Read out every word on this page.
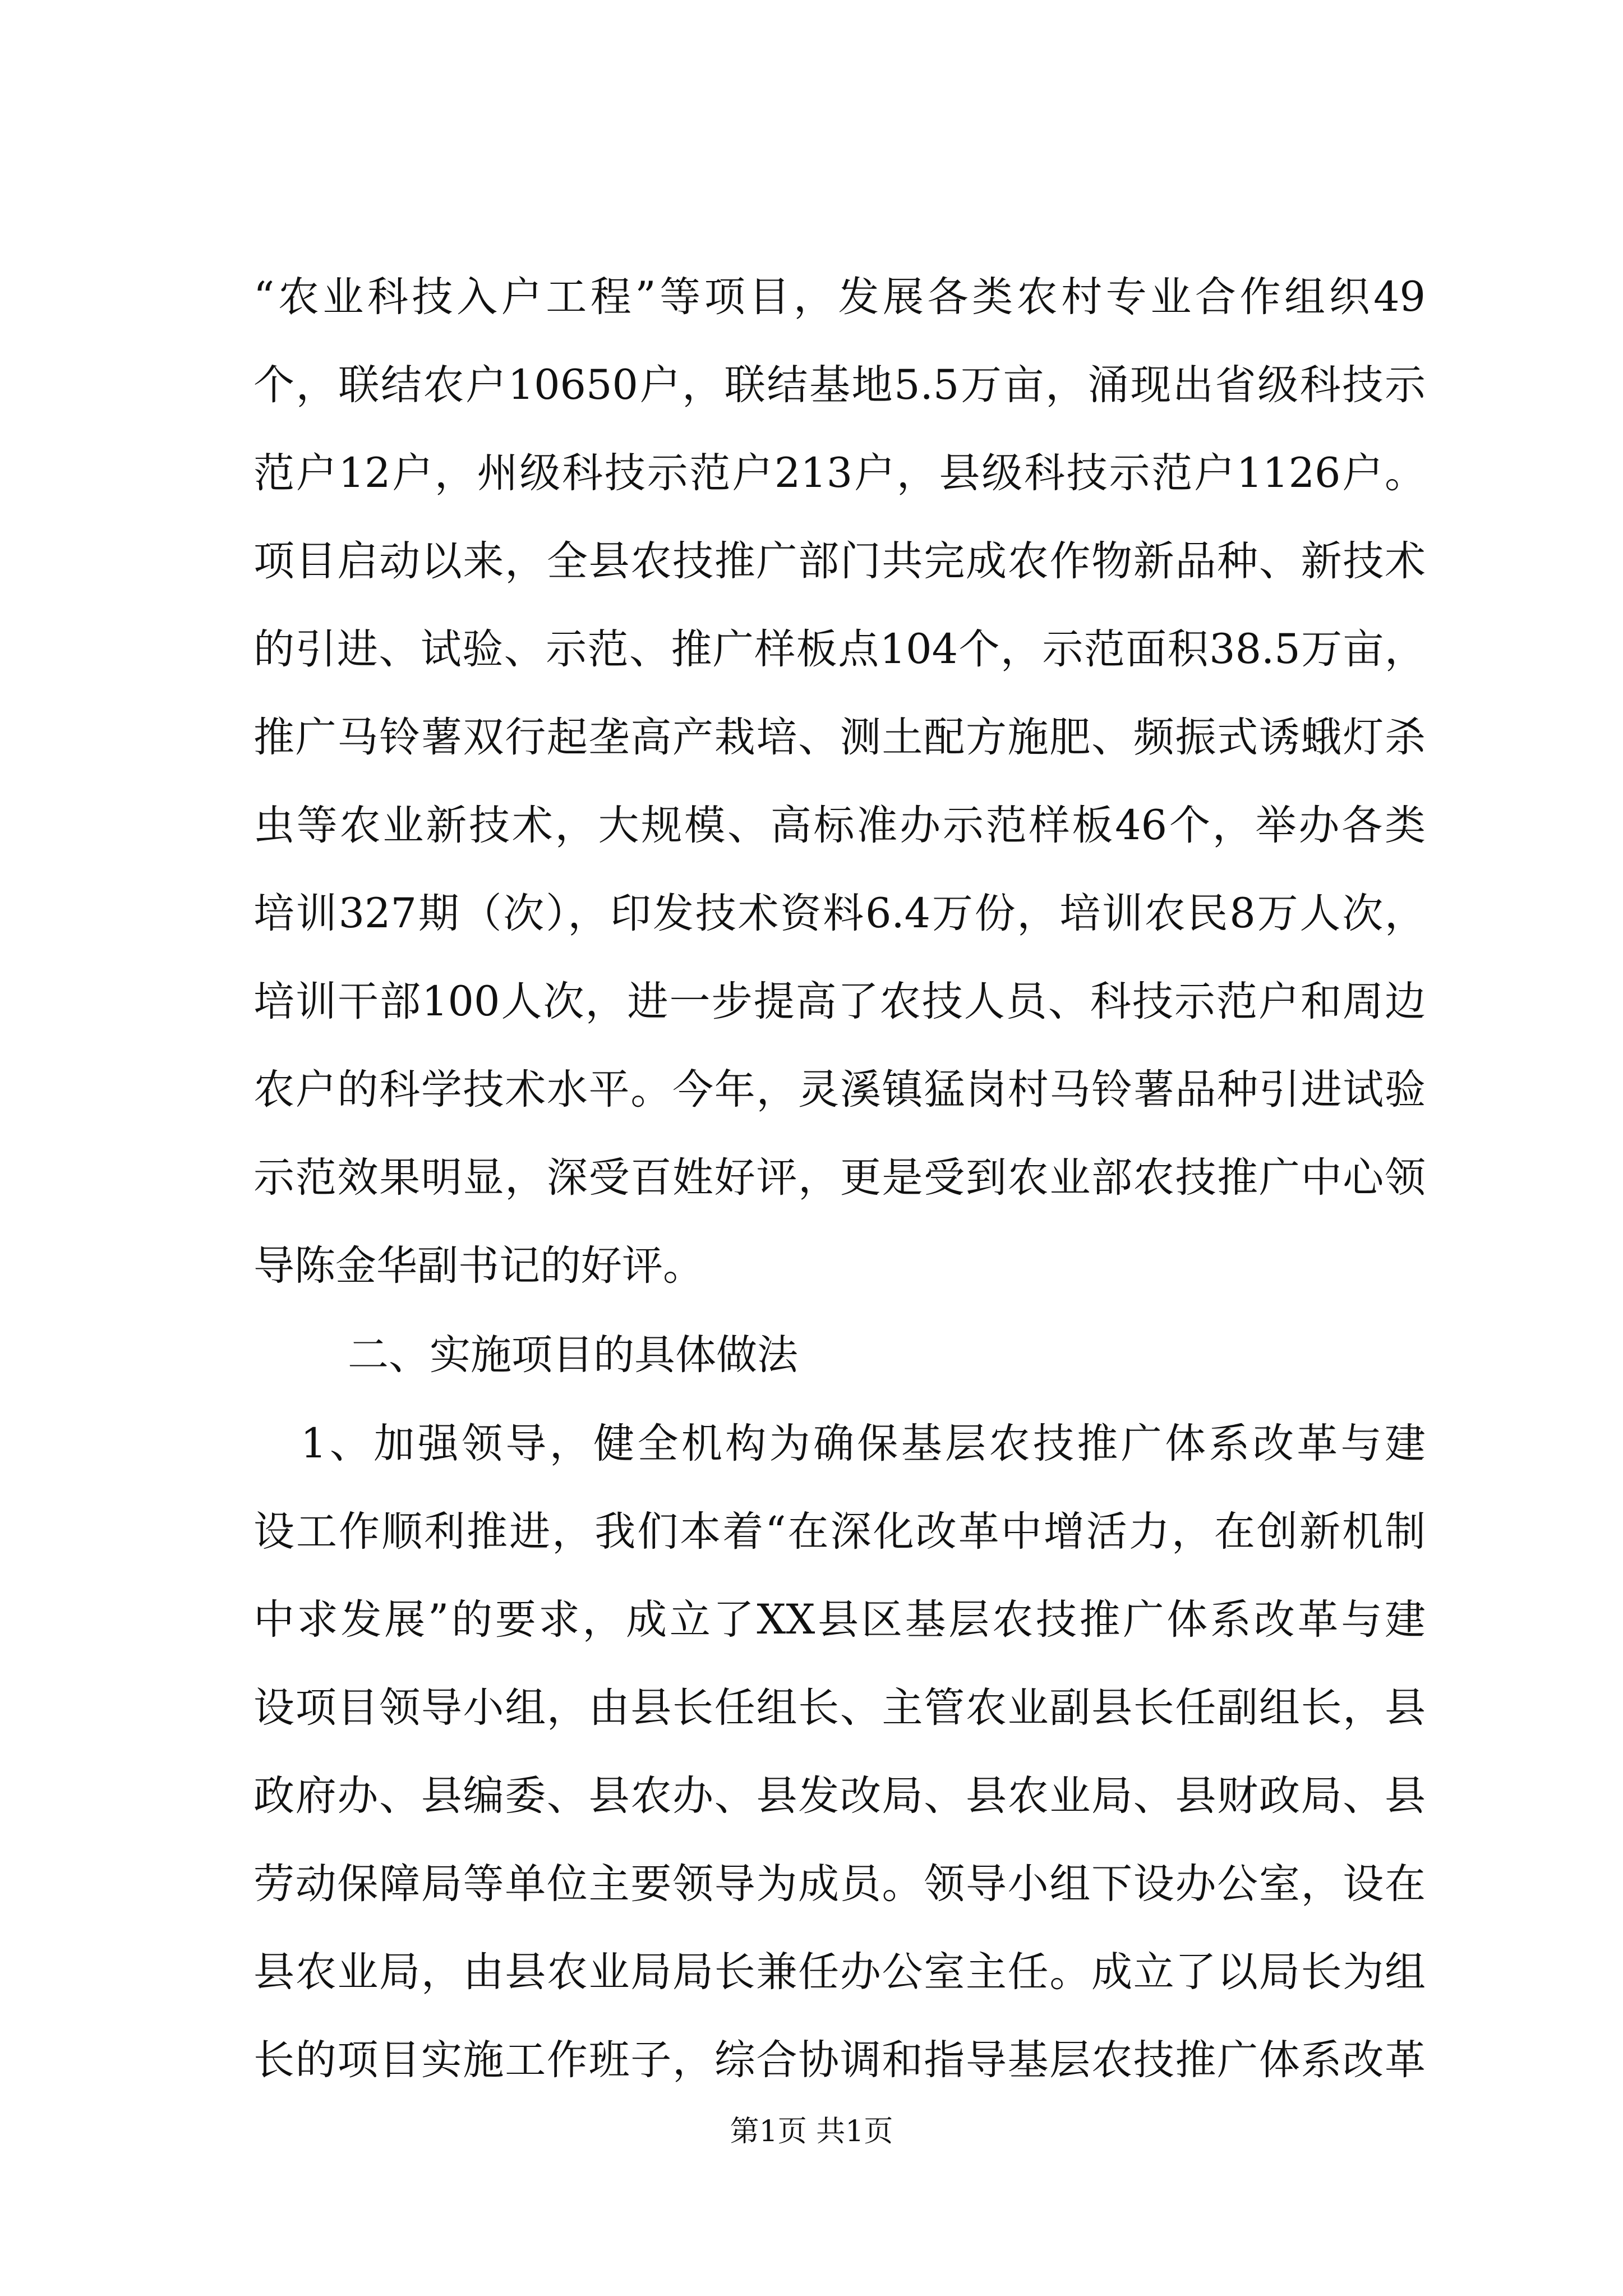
“农业科技入户工程”等项目，发展各类农村专业合作组织49
个，联结农户10650户，联结基地5.5万亩，涌现出省级科技示
范户12户，州级科技示范户213户，县级科技示范户1126户。
项目启动以来，全县农技推广部门共完成农作物新品种、新技术
的引进、试验、示范、推广样板点104个，示范面积38.5万亩，
推广马铃薯双行起垄高产栽培、测土配方施肥、频振式诱蛾灯杀
虫等农业新技术，大规模、高标准办示范样板46个，举办各类
培训327期（次），印发技术资料6.4万份，培训农民8万人次，
培训干部100人次，进一步提高了农技人员、科技示范户和周边
农户的科学技术水平。今年，灵溪镇猛岗村马铃薯品种引进试验
示范效果明显，深受百姓好评，更是受到农业部农技推广中心领
导陈金华副书记的好评。
二、实施项目的具体做法
1、加强领导，健全机构为确保基层农技推广体系改革与建
设工作顺利推进，我们本着“在深化改革中增活力，在创新机制
中求发展”的要求，成立了XX县区基层农技推广体系改革与建
设项目领导小组，由县长任组长、主管农业副县长任副组长，县
政府办、县编委、县农办、县发改局、县农业局、县财政局、县
劳动保障局等单位主要领导为成员。领导小组下设办公室，设在
县农业局，由县农业局局长兼任办公室主任。成立了以局长为组
长的项目实施工作班子，综合协调和指导基层农技推广体系改革
第1页 共1页
